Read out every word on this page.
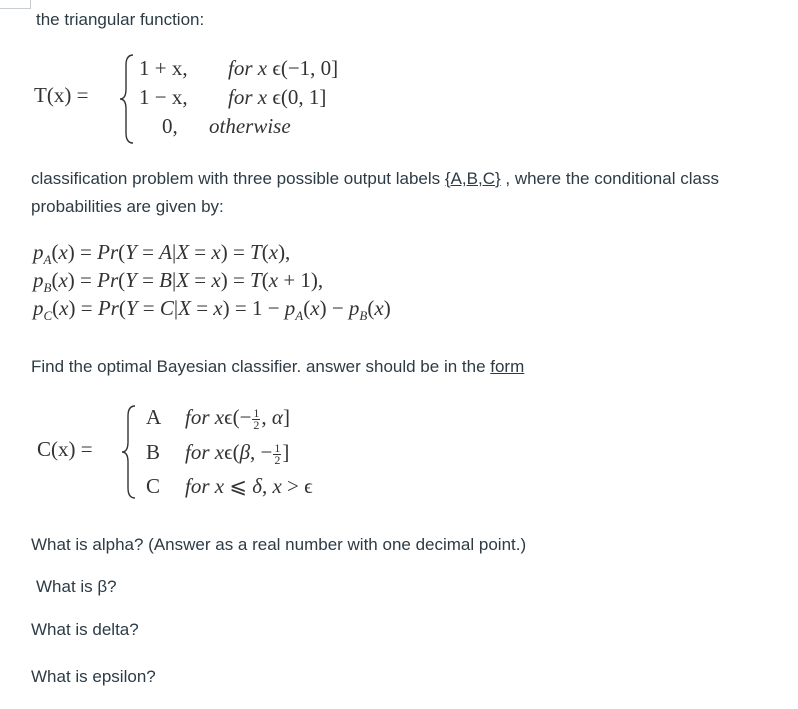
the triangular function:
T(x) =
1 + x, for x ϵ(−1, 0]
1 − x, for x ϵ(0, 1]
0, otherwise
classification problem with three possible output labels {A,B,C} , where the conditional class probabilities are given by:
$p_A(x) = Pr(Y = A|X = x) = T(x)$,
$p_B(x) = Pr(Y = B|X = x) = T(x + 1)$,
$p_C(x) = Pr(Y = C|X = x) = 1 - p_A(x) - p_B(x)$
Find the optimal Bayesian classifier. answer should be in the form
C(x) =
A for $x\epsilon(- \frac{1}{2}$ , α]
B for xϵ(β, − $\frac{1}{2}$ ]
C for x ⩽ δ, x > ϵ
What is alpha? (Answer as a real number with one decimal point.)
What is β?
What is delta?
What is epsilon?
